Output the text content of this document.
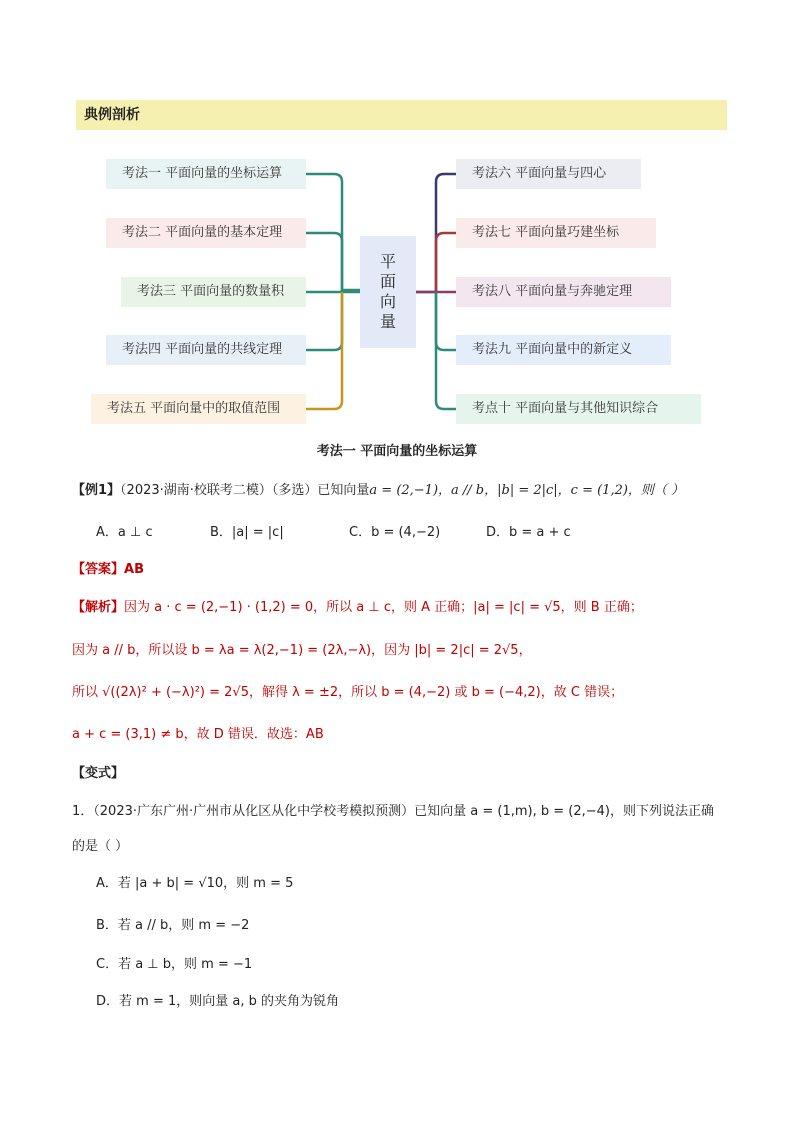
典例剖析
考法一 平面向量的坐标运算
考法二 平面向量的基本定理
考法三 平面向量的数量积
考法四 平面向量的共线定理
考法五 平面向量中的取值范围
平
面
向
量
考法六 平面向量与四心
考法七 平面向量巧建坐标
考法八 平面向量与奔驰定理
考法九 平面向量中的新定义
考点十 平面向量与其他知识综合
考法一 平面向量的坐标运算
【例1】（2023·湖南·校联考二模）（多选）已知向量a = (2,−1)，a // b，|b| = 2|c|，c = (1,2)，则（ ）
A．a ⊥ c	B．|a| = |c|	C．b = (4,−2)	D．b = a + c
【答案】AB
【解析】因为 a · c = (2,−1) · (1,2) = 0，所以 a ⊥ c，则 A 正确；|a| = |c| = √5，则 B 正确；
因为 a // b，所以设 b = λa = λ(2,−1) = (2λ,−λ)，因为 |b| = 2|c| = 2√5，
所以 √((2λ)² + (−λ)²) = 2√5，解得 λ = ±2，所以 b = (4,−2) 或 b = (−4,2)，故 C 错误；
a + c = (3,1) ≠ b，故 D 错误．故选：AB
【变式】
1．（2023·广东广州·广州市从化区从化中学校考模拟预测）已知向量 a = (1,m), b = (2,−4)，则下列说法正确
的是（ ）
A．若 |a + b| = √10，则 m = 5
B．若 a // b，则 m = −2
C．若 a ⊥ b，则 m = −1
D．若 m = 1，则向量 a, b 的夹角为锐角
